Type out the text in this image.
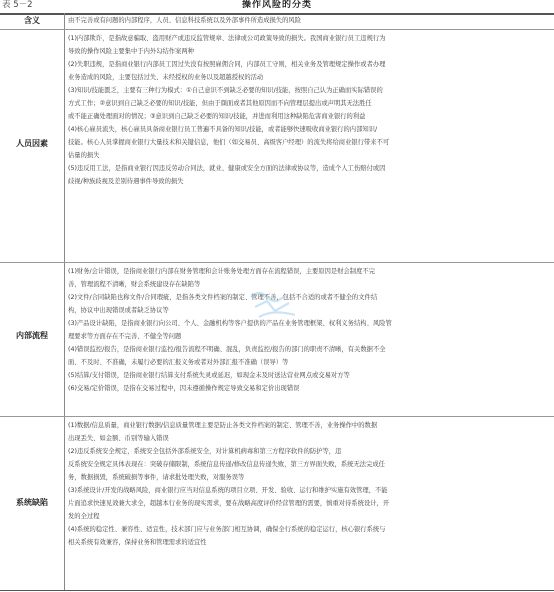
表 5－2	操作风险的分类
含义	由不完善或有问题的内部程序，人员、信息科技系统以及外部事件所造成损失的风险

人员因素

(1)内部欺诈，是指故意骗取、盗用财产或违反监管规章、法律或公司政策导致的损失。我国商业银行员工违规行为
导致的操作风险主要集中于内外勾结作案两种

(2)失职违规，是指商业银行内部员工因过失没有按照雇佣合同，内部员工守则，相关业务及管理规定操作或者办理
业务造成的风险，主要包括过失、未经授权的业务以及超越授权的活动

(3)知识/技能匮乏，主要有三种行为模式：①自己意识不到缺乏必要的知识/技能，按照自己认为正确而实际错误的
方式工作；②意识到自己缺乏必要的知识/技能，但由于颜面或者其他原因而不向管理层提出或声明其无法胜任
或不能正确处理面对的情况；③意识到自己缺乏必要的知识/技能，并进而利用这种缺陷危害商业银行的利益

(4)核心雇员流失，核心雇员具备商业银行员工普遍不具备的知识/技能，或者能够快速吸收商业银行的内部知识/
技能。核心人员掌握商业银行大量技术和关键信息，他们（如交易员、高级客户经理）的流失将给商业银行带来不可
估量的损失

(5)违反用工法，是指商业银行因违反劳动合同法，就业、健康或安全方面的法律或协议等，造成个人工伤赔付或因
歧视/种族歧视及差别待遇事件导致的损失

内部流程

(1)财务/会计错误，是指商业银行内部在财务管理和会计账务处理方面存在流程错误，主要原因是财会制度不完
善，管理流程不清晰，财会系统建设存在缺陷等

(2)文件/合同缺陷也称文件/合同瑕疵，是指各类文件档案的制定、管理不善，包括不合适的或者不健全的文件结
构，协议中出现错误或者缺乏协议等

(3)产品设计缺陷，是指商业银行向公司、个人、金融机构等客户提供的产品在业务管理框架、权利义务结构、风险管
理要求等方面存在不完善、不健全等问题

(4)错误监控/报告，是指商业银行监控/报告流程不明确、混乱，负责监控/报告的部门的职责不清晰，有关数据不全
面、不及时、不准确，未履行必要的汇报义务或者对外部汇报不准确（误导）等

(5)结算/支付错误，是指商业银行结算支付系统失灵或延迟，如现金未及时送达营业网点或交易对方等

(6)交易/定价错误，是指在交易过程中，因未遵循操作规定导致交易和定价出现错误

系统缺陷

(1)数据/信息质量，商业银行数据/信息质量管理主要是防止各类文件档案的制定、管理不善，业务操作中的数据
出现丢失、如金额、币别等输入错误

(2)违反系统安全规定，系统安全包括外部系统安全，对计算机病毒和第三方程序软件的防护等，违
反系统安全规定具体表现在：突破存储限制，系统信息传递/修改信息传递失败，第三方界面失败，系统无法完成任
务，数据损毁，系统破损等事件，请求批处理失败，对服务误等

(3)系统设计/开发的战略风险，商业银行应当对信息系统的项目立项、开发、验收、运行和维护实施有效管理，不能
片面追求快速见效兼大求全，超越本行业务的现实需求，要在战略高度评价经营管理的需要，慎重对待系统设计，开
发的全过程

(4)系统的稳定性、兼容性、适宜性，技术部门应与业务部门相互协调，确保全行系统的稳定运行，核心银行系统与
相关系统有效兼容，保持业务和管理需求的适宜性
